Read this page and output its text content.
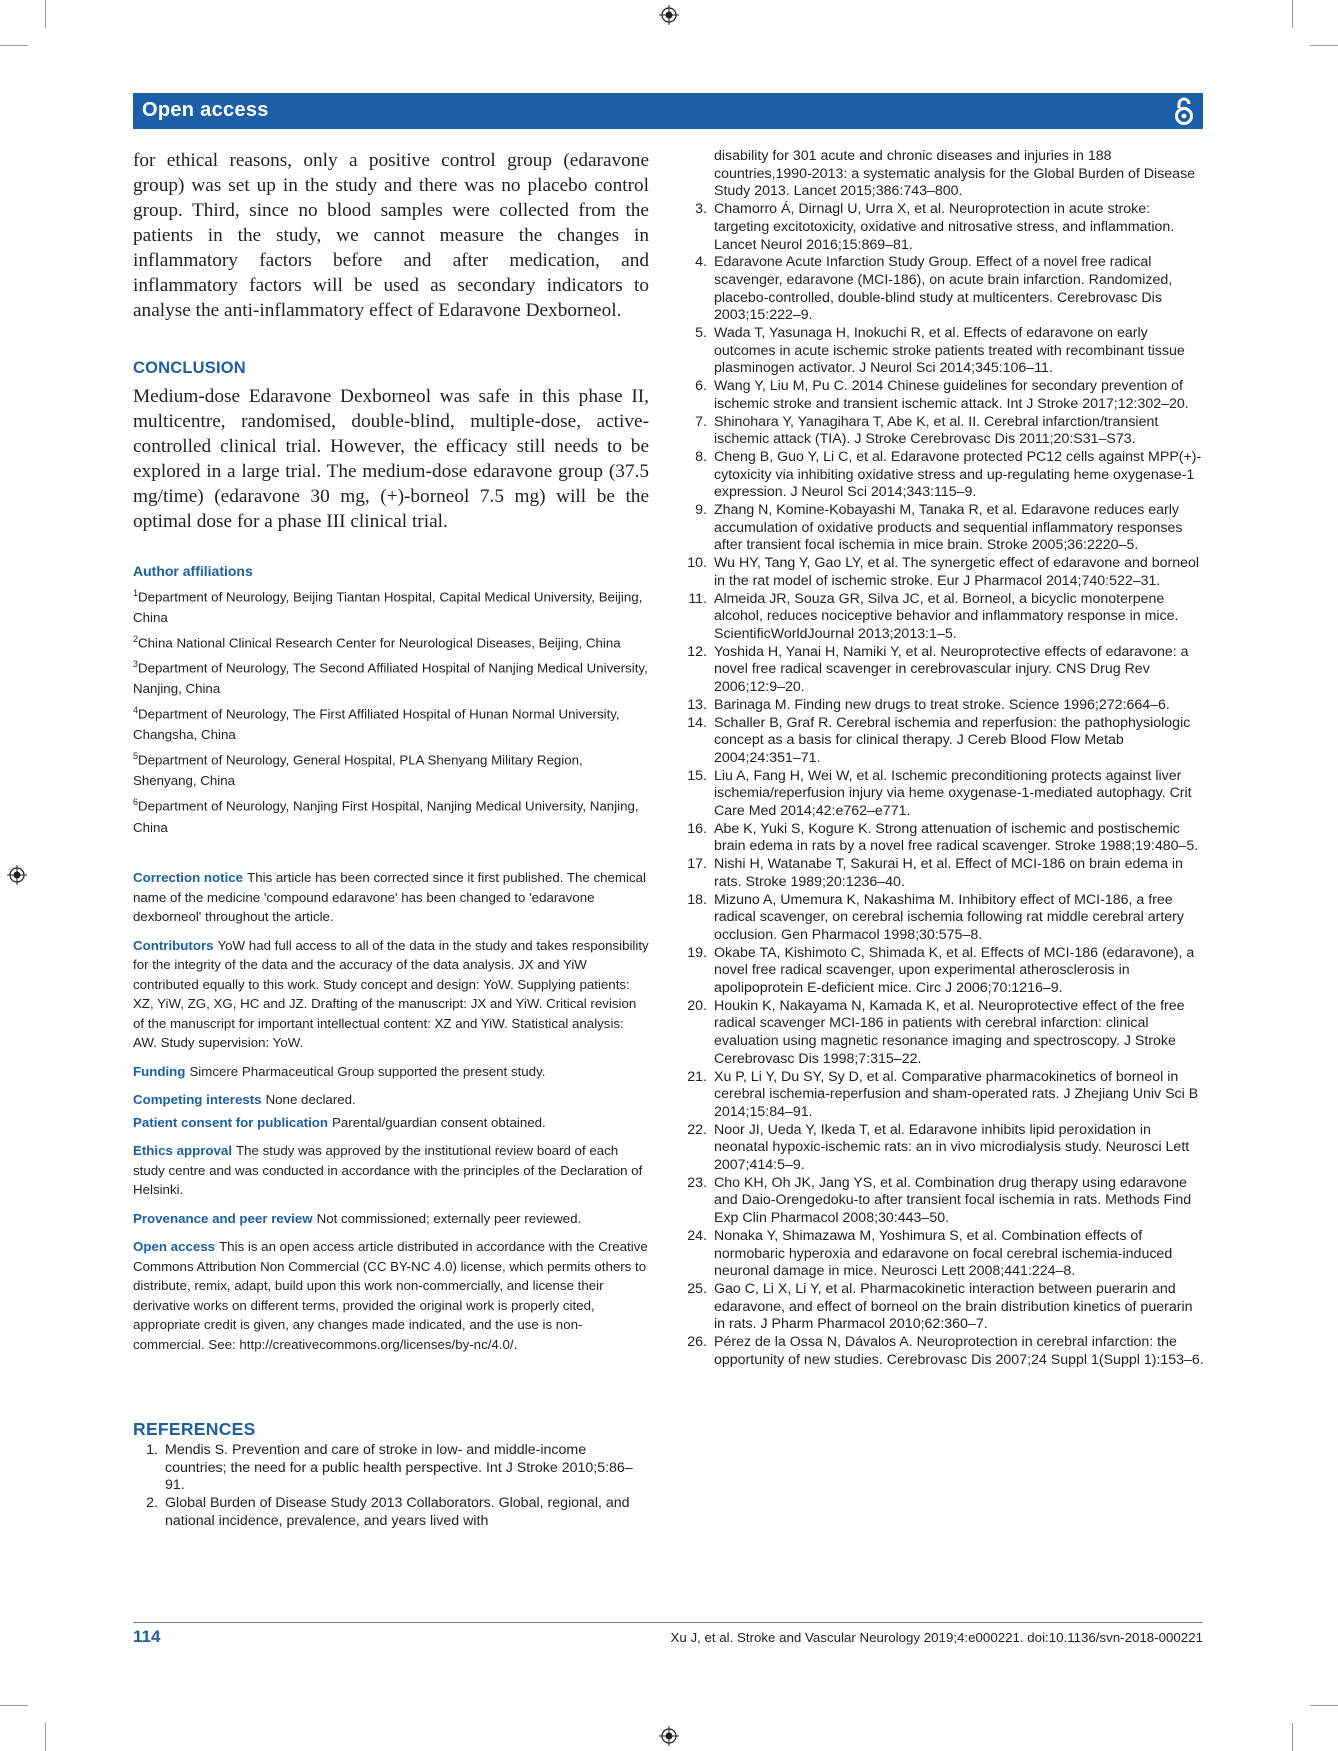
Open access

for ethical reasons, only a positive control group (edaravone group) was set up in the study and there was no placebo control group. Third, since no blood samples were collected from the patients in the study, we cannot measure the changes in inflammatory factors before and after medication, and inflammatory factors will be used as secondary indicators to analyse the anti-inflammatory effect of Edaravone Dexborneol.

CONCLUSION

Medium-dose Edaravone Dexborneol was safe in this phase II, multicentre, randomised, double-blind, multiple-dose, active-controlled clinical trial. However, the efficacy still needs to be explored in a large trial. The medium-dose edaravone group (37.5 mg/time) (edaravone 30 mg, (+)-borneol 7.5 mg) will be the optimal dose for a phase III clinical trial.

Author affiliations
$^1$Department of Neurology, Beijing Tiantan Hospital, Capital Medical University, Beijing, China
$^2$China National Clinical Research Center for Neurological Diseases, Beijing, China
$^3$Department of Neurology, The Second Affiliated Hospital of Nanjing Medical University, Nanjing, China
$^4$Department of Neurology, The First Affiliated Hospital of Hunan Normal University, Changsha, China
$^5$Department of Neurology, General Hospital, PLA Shenyang Military Region, Shenyang, China
$^6$Department of Neurology, Nanjing First Hospital, Nanjing Medical University, Nanjing, China

Correction notice This article has been corrected since it first published. The chemical name of the medicine 'compound edaravone' has been changed to 'edaravone dexborneol' throughout the article.

Contributors YoW had full access to all of the data in the study and takes responsibility for the integrity of the data and the accuracy of the data analysis. JX and YiW contributed equally to this work. Study concept and design: YoW. Supplying patients: XZ, YiW, ZG, XG, HC and JZ. Drafting of the manuscript: JX and YiW. Critical revision of the manuscript for important intellectual content: XZ and YiW. Statistical analysis: AW. Study supervision: YoW.

Funding Simcere Pharmaceutical Group supported the present study.

Competing interests None declared.

Patient consent for publication Parental/guardian consent obtained.

Ethics approval The study was approved by the institutional review board of each study centre and was conducted in accordance with the principles of the Declaration of Helsinki.

Provenance and peer review Not commissioned; externally peer reviewed.

Open access This is an open access article distributed in accordance with the Creative Commons Attribution Non Commercial (CC BY-NC 4.0) license, which permits others to distribute, remix, adapt, build upon this work non-commercially, and license their derivative works on different terms, provided the original work is properly cited, appropriate credit is given, any changes made indicated, and the use is non-commercial. See: http://creativecommons.org/licenses/by-nc/4.0/.

REFERENCES
1. Mendis S. Prevention and care of stroke in low- and middle-income countries; the need for a public health perspective. Int J Stroke 2010;5:86–91.
2. Global Burden of Disease Study 2013 Collaborators. Global, regional, and national incidence, prevalence, and years lived with
disability for 301 acute and chronic diseases and injuries in 188 countries,1990-2013: a systematic analysis for the Global Burden of Disease Study 2013. Lancet 2015;386:743–800.
3. Chamorro Á, Dirnagl U, Urra X, et al. Neuroprotection in acute stroke: targeting excitotoxicity, oxidative and nitrosative stress, and inflammation. Lancet Neurol 2016;15:869–81.
4. Edaravone Acute Infarction Study Group. Effect of a novel free radical scavenger, edaravone (MCI-186), on acute brain infarction. Randomized, placebo-controlled, double-blind study at multicenters. Cerebrovasc Dis 2003;15:222–9.
5. Wada T, Yasunaga H, Inokuchi R, et al. Effects of edaravone on early outcomes in acute ischemic stroke patients treated with recombinant tissue plasminogen activator. J Neurol Sci 2014;345:106–11.
6. Wang Y, Liu M, Pu C. 2014 Chinese guidelines for secondary prevention of ischemic stroke and transient ischemic attack. Int J Stroke 2017;12:302–20.
7. Shinohara Y, Yanagihara T, Abe K, et al. II. Cerebral infarction/transient ischemic attack (TIA). J Stroke Cerebrovasc Dis 2011;20:S31–S73.
8. Cheng B, Guo Y, Li C, et al. Edaravone protected PC12 cells against MPP(+)-cytoxicity via inhibiting oxidative stress and up-regulating heme oxygenase-1 expression. J Neurol Sci 2014;343:115–9.
9. Zhang N, Komine-Kobayashi M, Tanaka R, et al. Edaravone reduces early accumulation of oxidative products and sequential inflammatory responses after transient focal ischemia in mice brain. Stroke 2005;36:2220–5.
10. Wu HY, Tang Y, Gao LY, et al. The synergetic effect of edaravone and borneol in the rat model of ischemic stroke. Eur J Pharmacol 2014;740:522–31.
11. Almeida JR, Souza GR, Silva JC, et al. Borneol, a bicyclic monoterpene alcohol, reduces nociceptive behavior and inflammatory response in mice. ScientificWorldJournal 2013;2013:1–5.
12. Yoshida H, Yanai H, Namiki Y, et al. Neuroprotective effects of edaravone: a novel free radical scavenger in cerebrovascular injury. CNS Drug Rev 2006;12:9–20.
13. Barinaga M. Finding new drugs to treat stroke. Science 1996;272:664–6.
14. Schaller B, Graf R. Cerebral ischemia and reperfusion: the pathophysiologic concept as a basis for clinical therapy. J Cereb Blood Flow Metab 2004;24:351–71.
15. Liu A, Fang H, Wei W, et al. Ischemic preconditioning protects against liver ischemia/reperfusion injury via heme oxygenase-1-mediated autophagy. Crit Care Med 2014;42:e762–e771.
16. Abe K, Yuki S, Kogure K. Strong attenuation of ischemic and postischemic brain edema in rats by a novel free radical scavenger. Stroke 1988;19:480–5.
17. Nishi H, Watanabe T, Sakurai H, et al. Effect of MCI-186 on brain edema in rats. Stroke 1989;20:1236–40.
18. Mizuno A, Umemura K, Nakashima M. Inhibitory effect of MCI-186, a free radical scavenger, on cerebral ischemia following rat middle cerebral artery occlusion. Gen Pharmacol 1998;30:575–8.
19. Okabe TA, Kishimoto C, Shimada K, et al. Effects of MCI-186 (edaravone), a novel free radical scavenger, upon experimental atherosclerosis in apolipoprotein E-deficient mice. Circ J 2006;70:1216–9.
20. Houkin K, Nakayama N, Kamada K, et al. Neuroprotective effect of the free radical scavenger MCI-186 in patients with cerebral infarction: clinical evaluation using magnetic resonance imaging and spectroscopy. J Stroke Cerebrovasc Dis 1998;7:315–22.
21. Xu P, Li Y, Du SY, Sy D, et al. Comparative pharmacokinetics of borneol in cerebral ischemia-reperfusion and sham-operated rats. J Zhejiang Univ Sci B 2014;15:84–91.
22. Noor JI, Ueda Y, Ikeda T, et al. Edaravone inhibits lipid peroxidation in neonatal hypoxic-ischemic rats: an in vivo microdialysis study. Neurosci Lett 2007;414:5–9.
23. Cho KH, Oh JK, Jang YS, et al. Combination drug therapy using edaravone and Daio-Orengedoku-to after transient focal ischemia in rats. Methods Find Exp Clin Pharmacol 2008;30:443–50.
24. Nonaka Y, Shimazawa M, Yoshimura S, et al. Combination effects of normobaric hyperoxia and edaravone on focal cerebral ischemia-induced neuronal damage in mice. Neurosci Lett 2008;441:224–8.
25. Gao C, Li X, Li Y, et al. Pharmacokinetic interaction between puerarin and edaravone, and effect of borneol on the brain distribution kinetics of puerarin in rats. J Pharm Pharmacol 2010;62:360–7.
26. Pérez de la Ossa N, Dávalos A. Neuroprotection in cerebral infarction: the opportunity of new studies. Cerebrovasc Dis 2007;24 Suppl 1(Suppl 1):153–6.
114	Xu J, et al. Stroke and Vascular Neurology 2019;4:e000221. doi:10.1136/svn-2018-000221
